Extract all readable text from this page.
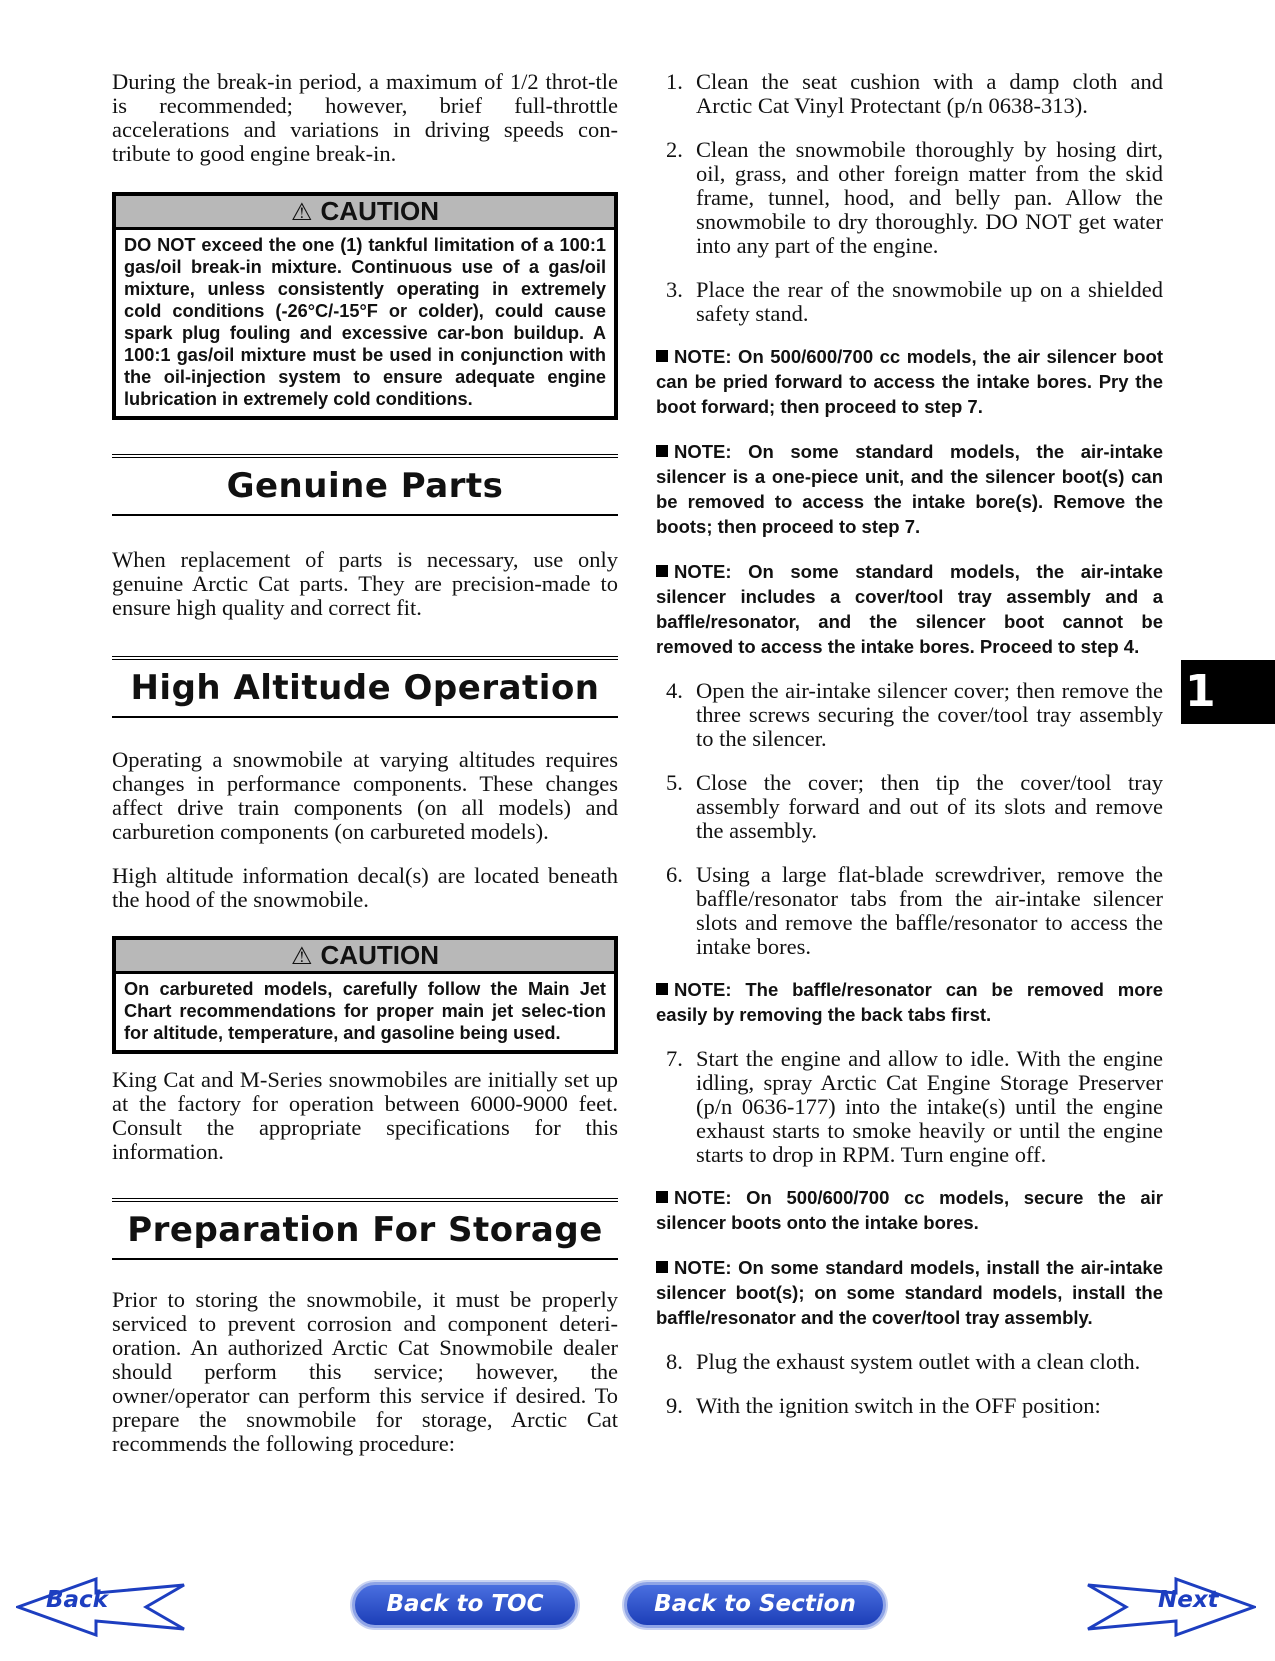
During the break-in period, a maximum of 1/2 throt-tle is recommended; however, brief full-throttle accelerations and variations in driving speeds con-tribute to good engine break-in.

⚠ CAUTION
DO NOT exceed the one (1) tankful limitation of a 100:1 gas/oil break-in mixture. Continuous use of a gas/oil mixture, unless consistently operating in extremely cold conditions (-26°C/-15°F or colder), could cause spark plug fouling and excessive car-bon buildup. A 100:1 gas/oil mixture must be used in conjunction with the oil-injection system to ensure adequate engine lubrication in extremely cold conditions.
Genuine Parts

When replacement of parts is necessary, use only genuine Arctic Cat parts. They are precision-made to ensure high quality and correct fit.

High Altitude Operation

Operating a snowmobile at varying altitudes requires changes in performance components. These changes affect drive train components (on all models) and carburetion components (on carbureted models).

High altitude information decal(s) are located beneath the hood of the snowmobile.

⚠ CAUTION
On carbureted models, carefully follow the Main Jet Chart recommendations for proper main jet selec-tion for altitude, temperature, and gasoline being used.

King Cat and M-Series snowmobiles are initially set up at the factory for operation between 6000-9000 feet. Consult the appropriate specifications for this information.

Preparation For Storage

Prior to storing the snowmobile, it must be properly serviced to prevent corrosion and component deteri-oration. An authorized Arctic Cat Snowmobile dealer should perform this service; however, the owner/operator can perform this service if desired. To prepare the snowmobile for storage, Arctic Cat recommends the following procedure:

1. Clean the seat cushion with a damp cloth and Arctic Cat Vinyl Protectant (p/n 0638-313).
2. Clean the snowmobile thoroughly by hosing dirt, oil, grass, and other foreign matter from the skid frame, tunnel, hood, and belly pan. Allow the snowmobile to dry thoroughly. DO NOT get water into any part of the engine.
3. Place the rear of the snowmobile up on a shielded safety stand.
NOTE: On 500/600/700 cc models, the air silencer boot can be pried forward to access the intake bores. Pry the boot forward; then proceed to step 7.
NOTE: On some standard models, the air-intake silencer is a one-piece unit, and the silencer boot(s) can be removed to access the intake bore(s). Remove the boots; then proceed to step 7.
NOTE: On some standard models, the air-intake silencer includes a cover/tool tray assembly and a baffle/resonator, and the silencer boot cannot be removed to access the intake bores. Proceed to step 4.
4. Open the air-intake silencer cover; then remove the three screws securing the cover/tool tray assembly to the silencer.
5. Close the cover; then tip the cover/tool tray assembly forward and out of its slots and remove the assembly.
6. Using a large flat-blade screwdriver, remove the baffle/resonator tabs from the air-intake silencer slots and remove the baffle/resonator to access the intake bores.
NOTE: The baffle/resonator can be removed more easily by removing the back tabs first.
7. Start the engine and allow to idle. With the engine idling, spray Arctic Cat Engine Storage Preserver (p/n 0636-177) into the intake(s) until the engine exhaust starts to smoke heavily or until the engine starts to drop in RPM. Turn engine off.
NOTE: On 500/600/700 cc models, secure the air silencer boots onto the intake bores.
NOTE: On some standard models, install the air-intake silencer boot(s); on some standard models, install the baffle/resonator and the cover/tool tray assembly.
8. Plug the exhaust system outlet with a clean cloth.
9. With the ignition switch in the OFF position:
1
Back	Back to TOC	Back to Section TOC
Next
